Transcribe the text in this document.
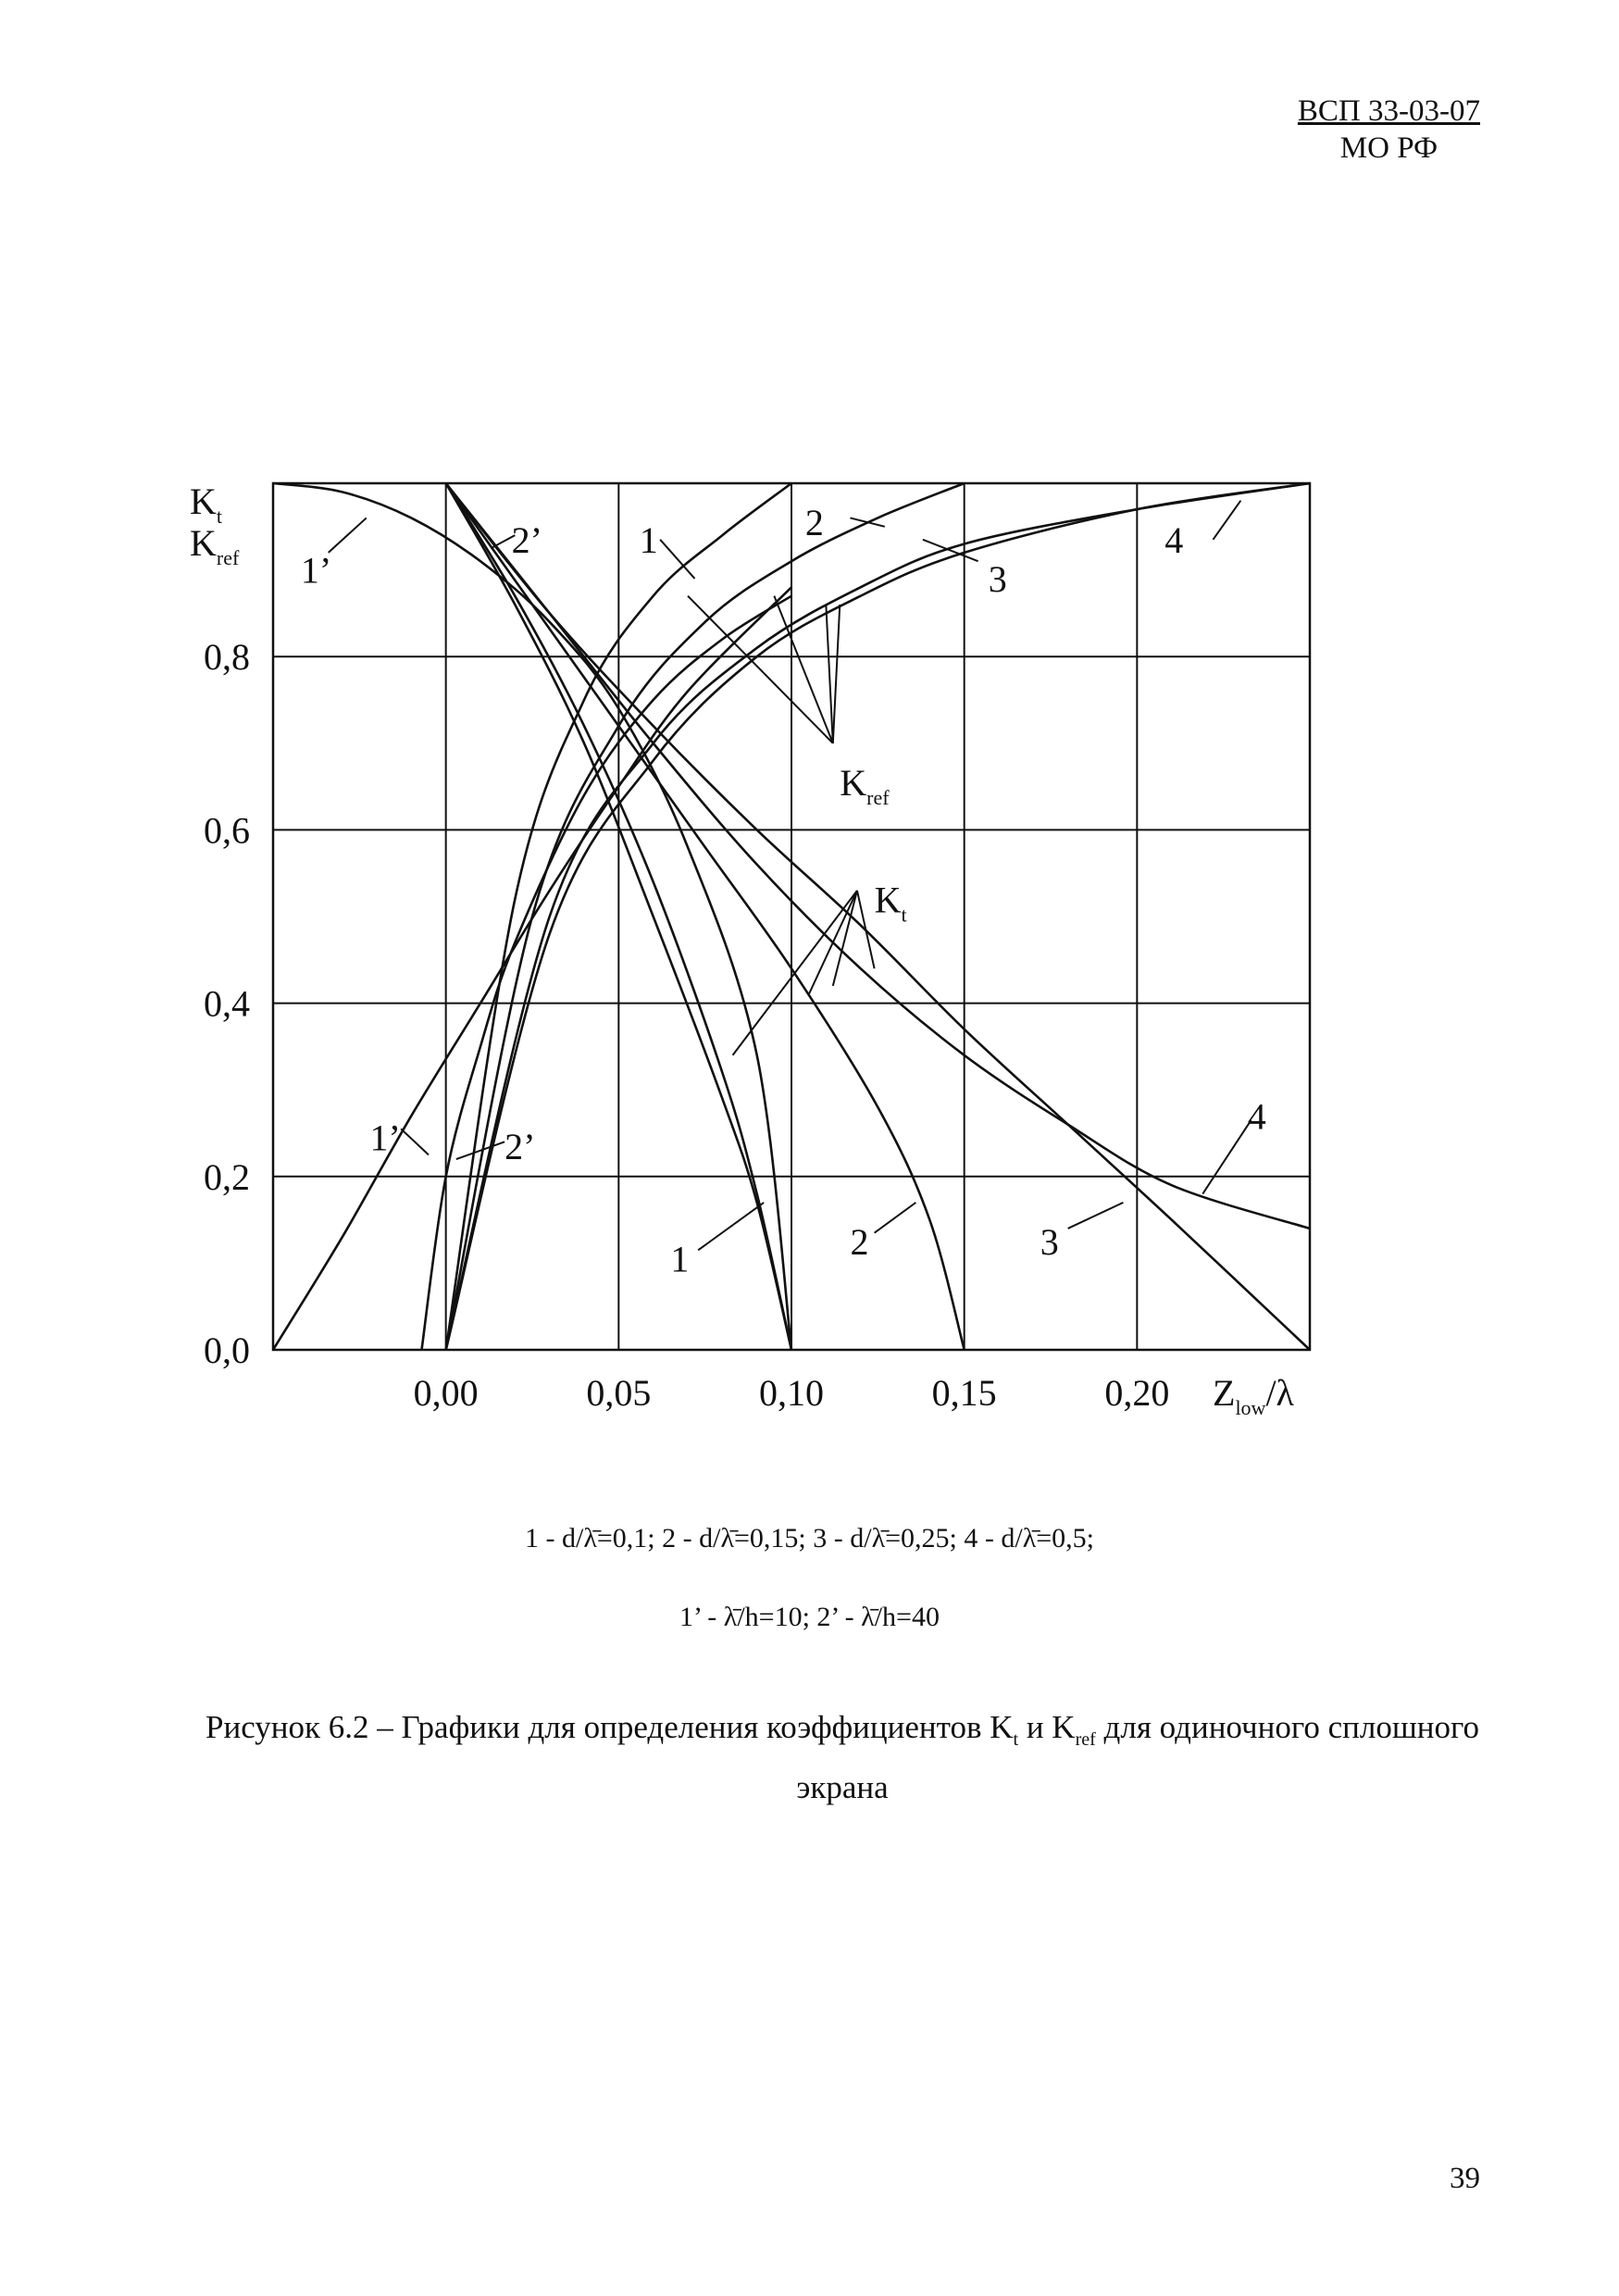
ВСП 33-03-07
МО РФ
0,00	0,05	0,10	0,15	0,20
0,0
0,2
0,4
0,6
0,8
$K_t$
$K_{ref}$
$Z_{low}/\lambda$
$K_{ref}$
$K_t$
1’
2’	1	2
3
4
1’	2’
1	2	3
4
1 - d/λ̄=0,1; 2 - d/λ̄=0,15; 3 - d/λ̄=0,25; 4 - d/λ̄=0,5;
1’ - λ̄/h=10; 2’ - λ̄/h=40
Рисунок 6.2 – Графики для определения коэффициентов $K_t$ и $K_{ref}$ для одиночного сплошного экрана
39
